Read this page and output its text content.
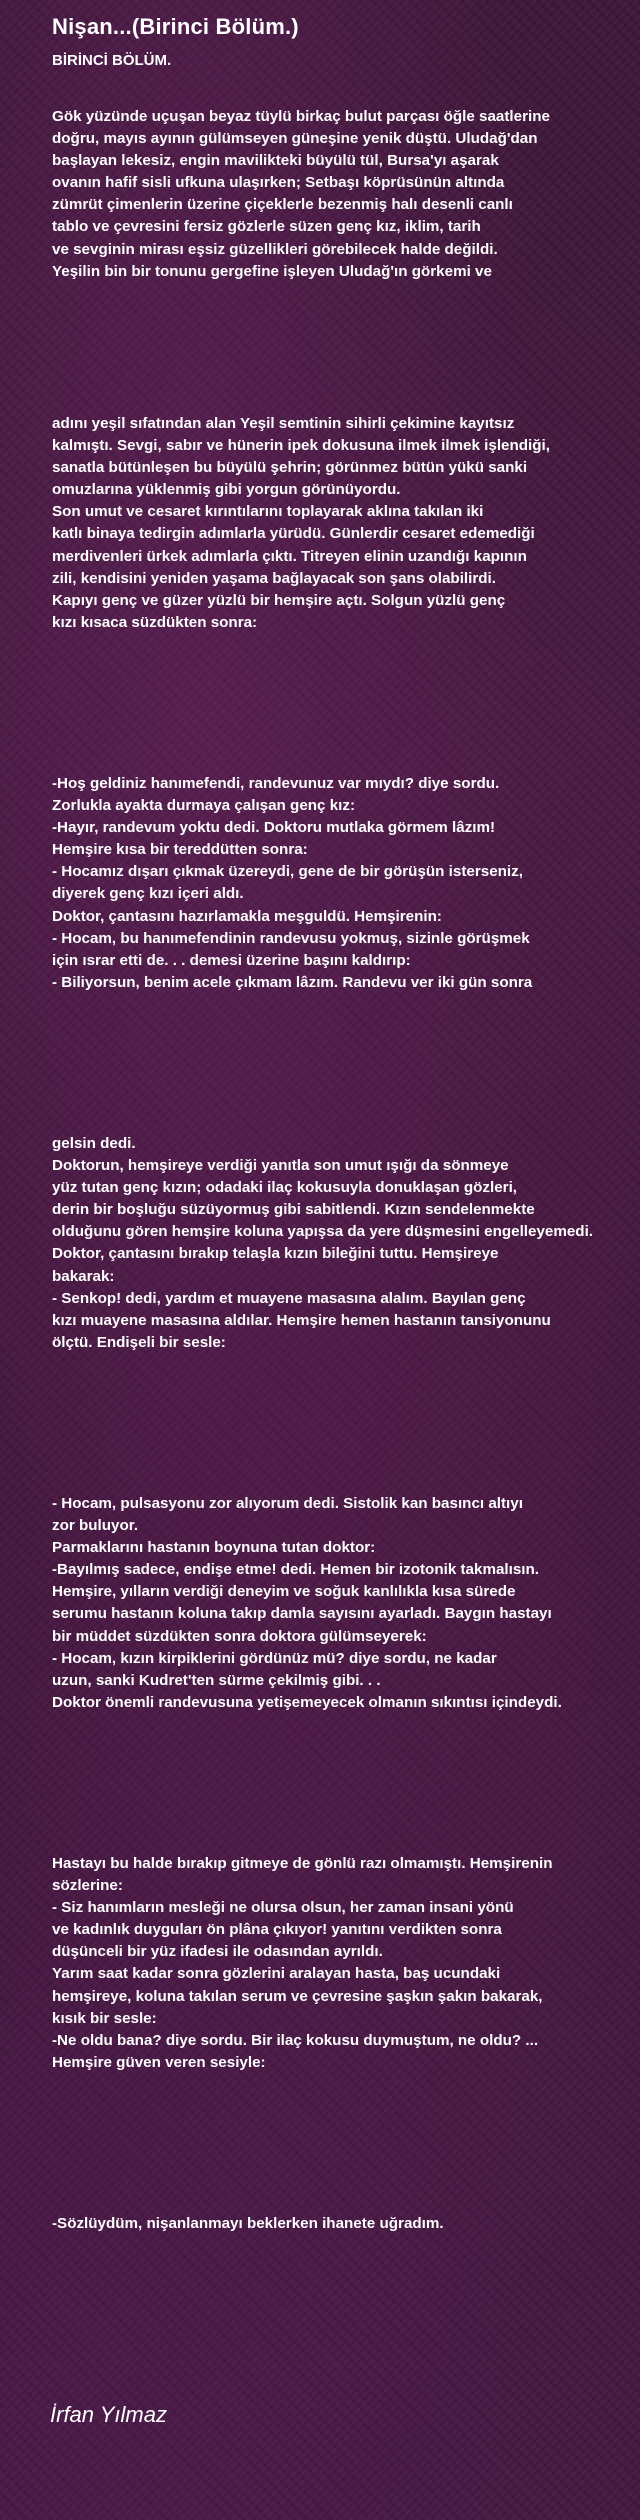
Nişan...(Birinci Bölüm.)
BİRİNCİ BÖLÜM.
Gök yüzünde uçuşan beyaz tüylü birkaç bulut parçası öğle saatlerine
doğru, mayıs ayının gülümseyen güneşine yenik düştü. Uludağ'dan
başlayan lekesiz, engin mavilikteki büyülü tül, Bursa'yı aşarak
ovanın hafif sisli ufkuna ulaşırken; Setbaşı köprüsünün altında
zümrüt çimenlerin üzerine çiçeklerle bezenmiş halı desenli canlı
tablo ve çevresini fersiz gözlerle süzen genç kız, iklim, tarih
ve sevginin mirası eşsiz güzellikleri görebilecek halde değildi.
Yeşilin bin bir tonunu gergefine işleyen Uludağ'ın görkemi ve
adını yeşil sıfatından alan Yeşil semtinin sihirli çekimine kayıtsız
kalmıştı. Sevgi, sabır ve hünerin ipek dokusuna ilmek ilmek işlendiği,
sanatla bütünleşen bu büyülü şehrin; görünmez bütün yükü sanki
omuzlarına yüklenmiş gibi yorgun görünüyordu.
Son umut ve cesaret kırıntılarını toplayarak aklına takılan iki
katlı binaya tedirgin adımlarla yürüdü. Günlerdir cesaret edemediği
merdivenleri ürkek adımlarla çıktı. Titreyen elinin uzandığı kapının
zili, kendisini yeniden yaşama bağlayacak son şans olabilirdi.
Kapıyı genç ve güzer yüzlü bir hemşire açtı. Solgun yüzlü genç
kızı kısaca süzdükten sonra:
-Hoş geldiniz hanımefendi, randevunuz var mıydı? diye sordu.
Zorlukla ayakta durmaya çalışan genç kız:
-Hayır, randevum yoktu dedi. Doktoru mutlaka görmem lâzım!
Hemşire kısa bir tereddütten sonra:
- Hocamız dışarı çıkmak üzereydi, gene de bir görüşün isterseniz,
diyerek genç kızı içeri aldı.
Doktor, çantasını hazırlamakla meşguldü. Hemşirenin:
- Hocam, bu hanımefendinin randevusu yokmuş, sizinle görüşmek
için ısrar etti de. . . demesi üzerine başını kaldırıp:
- Biliyorsun, benim acele çıkmam lâzım. Randevu ver iki gün sonra
gelsin dedi.
Doktorun, hemşireye verdiği yanıtla son umut ışığı da sönmeye
yüz tutan genç kızın; odadaki ilaç kokusuyla donuklaşan gözleri,
derin bir boşluğu süzüyormuş gibi sabitlendi. Kızın sendelenmekte
olduğunu gören hemşire koluna yapışsa da yere düşmesini engelleyemedi.
Doktor, çantasını bırakıp telaşla kızın bileğini tuttu. Hemşireye
bakarak:
- Senkop! dedi, yardım et muayene masasına alalım. Bayılan genç
kızı muayene masasına aldılar. Hemşire hemen hastanın tansiyonunu
ölçtü. Endişeli bir sesle:
- Hocam, pulsasyonu zor alıyorum dedi. Sistolik kan basıncı altıyı
zor buluyor.
Parmaklarını hastanın boynuna tutan doktor:
-Bayılmış sadece, endişe etme! dedi. Hemen bir izotonik takmalısın.
Hemşire, yılların verdiği deneyim ve soğuk kanlılıkla kısa sürede
serumu hastanın koluna takıp damla sayısını ayarladı. Baygın hastayı
bir müddet süzdükten sonra doktora gülümseyerek:
- Hocam, kızın kirpiklerini gördünüz mü? diye sordu, ne kadar
uzun, sanki Kudret'ten sürme çekilmiş gibi. . .
Doktor önemli randevusuna yetişemeyecek olmanın sıkıntısı içindeydi.
Hastayı bu halde bırakıp gitmeye de gönlü razı olmamıştı. Hemşirenin
sözlerine:
- Siz hanımların mesleği ne olursa olsun, her zaman insani yönü
ve kadınlık duyguları ön plâna çıkıyor! yanıtını verdikten sonra
düşünceli bir yüz ifadesi ile odasından ayrıldı.
Yarım saat kadar sonra gözlerini aralayan hasta, baş ucundaki
hemşireye, koluna takılan serum ve çevresine şaşkın şakın bakarak,
kısık bir sesle:
-Ne oldu bana? diye sordu. Bir ilaç kokusu duymuştum, ne oldu? ...
Hemşire güven veren sesiyle:
-Sözlüydüm, nişanlanmayı beklerken ihanete uğradım.
İrfan Yılmaz
